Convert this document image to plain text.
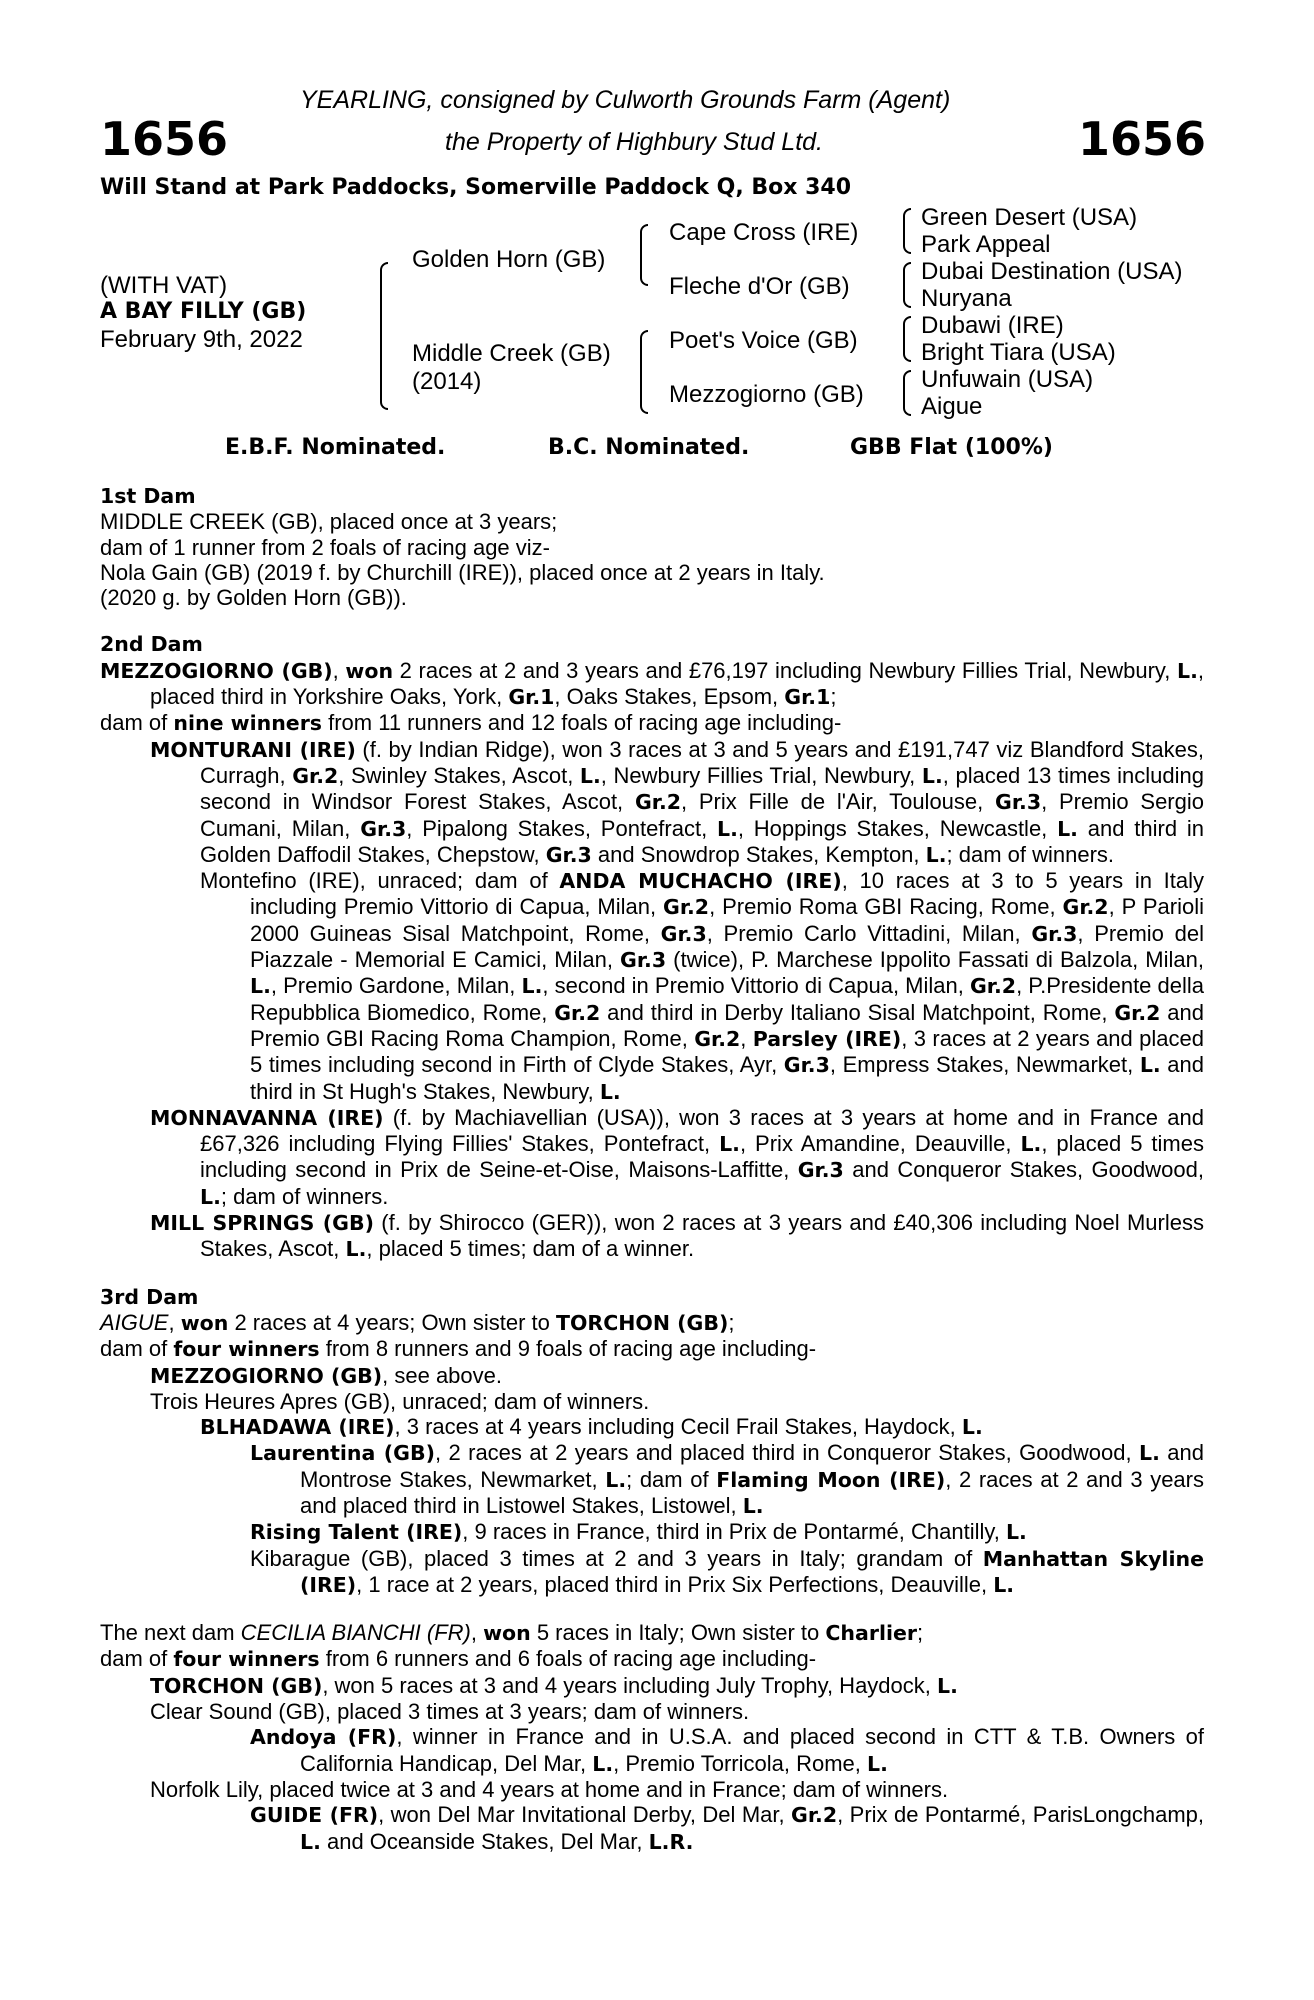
1656	1656
YEARLING, consigned by Culworth Grounds Farm (Agent)
the Property of Highbury Stud Ltd.
Will Stand at Park Paddocks, Somerville Paddock Q, Box 340
(WITH VAT)
A BAY FILLY (GB)
February 9th, 2022
Golden Horn (GB)
Middle Creek (GB)
(2014)
Cape Cross (IRE)
Fleche d'Or (GB)
Poet's Voice (GB)
Mezzogiorno (GB)
Green Desert (USA)
Park Appeal
Dubai Destination (USA)
Nuryana
Dubawi (IRE)
Bright Tiara (USA)
Unfuwain (USA)
Aigue
E.B.F. Nominated.	B.C. Nominated.	GBB Flat (100%)

1st Dam

MIDDLE CREEK (GB), placed once at 3 years;

dam of 1 runner from 2 foals of racing age viz-

Nola Gain (GB) (2019 f. by Churchill (IRE)), placed once at 2 years in Italy.

(2020 g. by Golden Horn (GB)).

2nd Dam

MEZZOGIORNO (GB), won 2 races at 2 and 3 years and £76,197 including Newbury Fillies Trial, Newbury, L., placed third in Yorkshire Oaks, York, Gr.1, Oaks Stakes, Epsom, Gr.1;

dam of nine winners from 11 runners and 12 foals of racing age including-

MONTURANI (IRE) (f. by Indian Ridge), won 3 races at 3 and 5 years and £191,747 viz Blandford Stakes, Curragh, Gr.2, Swinley Stakes, Ascot, L., Newbury Fillies Trial, Newbury, L., placed 13 times including second in Windsor Forest Stakes, Ascot, Gr.2, Prix Fille de l'Air, Toulouse, Gr.3, Premio Sergio Cumani, Milan, Gr.3, Pipalong Stakes, Pontefract, L., Hoppings Stakes, Newcastle, L. and third in Golden Daffodil Stakes, Chepstow, Gr.3 and Snowdrop Stakes, Kempton, L.; dam of winners.

Montefino (IRE), unraced; dam of ANDA MUCHACHO (IRE), 10 races at 3 to 5 years in Italy including Premio Vittorio di Capua, Milan, Gr.2, Premio Roma GBI Racing, Rome, Gr.2, P Parioli 2000 Guineas Sisal Matchpoint, Rome, Gr.3, Premio Carlo Vittadini, Milan, Gr.3, Premio del Piazzale - Memorial E Camici, Milan, Gr.3 (twice), P. Marchese Ippolito Fassati di Balzola, Milan, L., Premio Gardone, Milan, L., second in Premio Vittorio di Capua, Milan, Gr.2, P.Presidente della Repubblica Biomedico, Rome, Gr.2 and third in Derby Italiano Sisal Matchpoint, Rome, Gr.2 and Premio GBI Racing Roma Champion, Rome, Gr.2, Parsley (IRE), 3 races at 2 years and placed 5 times including second in Firth of Clyde Stakes, Ayr, Gr.3, Empress Stakes, Newmarket, L. and third in St Hugh's Stakes, Newbury, L.

MONNAVANNA (IRE) (f. by Machiavellian (USA)), won 3 races at 3 years at home and in France and £67,326 including Flying Fillies' Stakes, Pontefract, L., Prix Amandine, Deauville, L., placed 5 times including second in Prix de Seine-et-Oise, Maisons-Laffitte, Gr.3 and Conqueror Stakes, Goodwood, L.; dam of winners.

MILL SPRINGS (GB) (f. by Shirocco (GER)), won 2 races at 3 years and £40,306 including Noel Murless Stakes, Ascot, L., placed 5 times; dam of a winner.

3rd Dam

AIGUE, won 2 races at 4 years; Own sister to TORCHON (GB);

dam of four winners from 8 runners and 9 foals of racing age including-

MEZZOGIORNO (GB), see above.

Trois Heures Apres (GB), unraced; dam of winners.

BLHADAWA (IRE), 3 races at 4 years including Cecil Frail Stakes, Haydock, L.

Laurentina (GB), 2 races at 2 years and placed third in Conqueror Stakes, Goodwood, L. and Montrose Stakes, Newmarket, L.; dam of Flaming Moon (IRE), 2 races at 2 and 3 years and placed third in Listowel Stakes, Listowel, L.

Rising Talent (IRE), 9 races in France, third in Prix de Pontarmé, Chantilly, L.

Kibarague (GB), placed 3 times at 2 and 3 years in Italy; grandam of Manhattan Skyline (IRE), 1 race at 2 years, placed third in Prix Six Perfections, Deauville, L.

The next dam CECILIA BIANCHI (FR), won 5 races in Italy; Own sister to Charlier;

dam of four winners from 6 runners and 6 foals of racing age including-

TORCHON (GB), won 5 races at 3 and 4 years including July Trophy, Haydock, L.

Clear Sound (GB), placed 3 times at 3 years; dam of winners.

Andoya (FR), winner in France and in U.S.A. and placed second in CTT & T.B. Owners of California Handicap, Del Mar, L., Premio Torricola, Rome, L.

Norfolk Lily, placed twice at 3 and 4 years at home and in France; dam of winners.

GUIDE (FR), won Del Mar Invitational Derby, Del Mar, Gr.2, Prix de Pontarmé, ParisLongchamp, L. and Oceanside Stakes, Del Mar, L.R.
